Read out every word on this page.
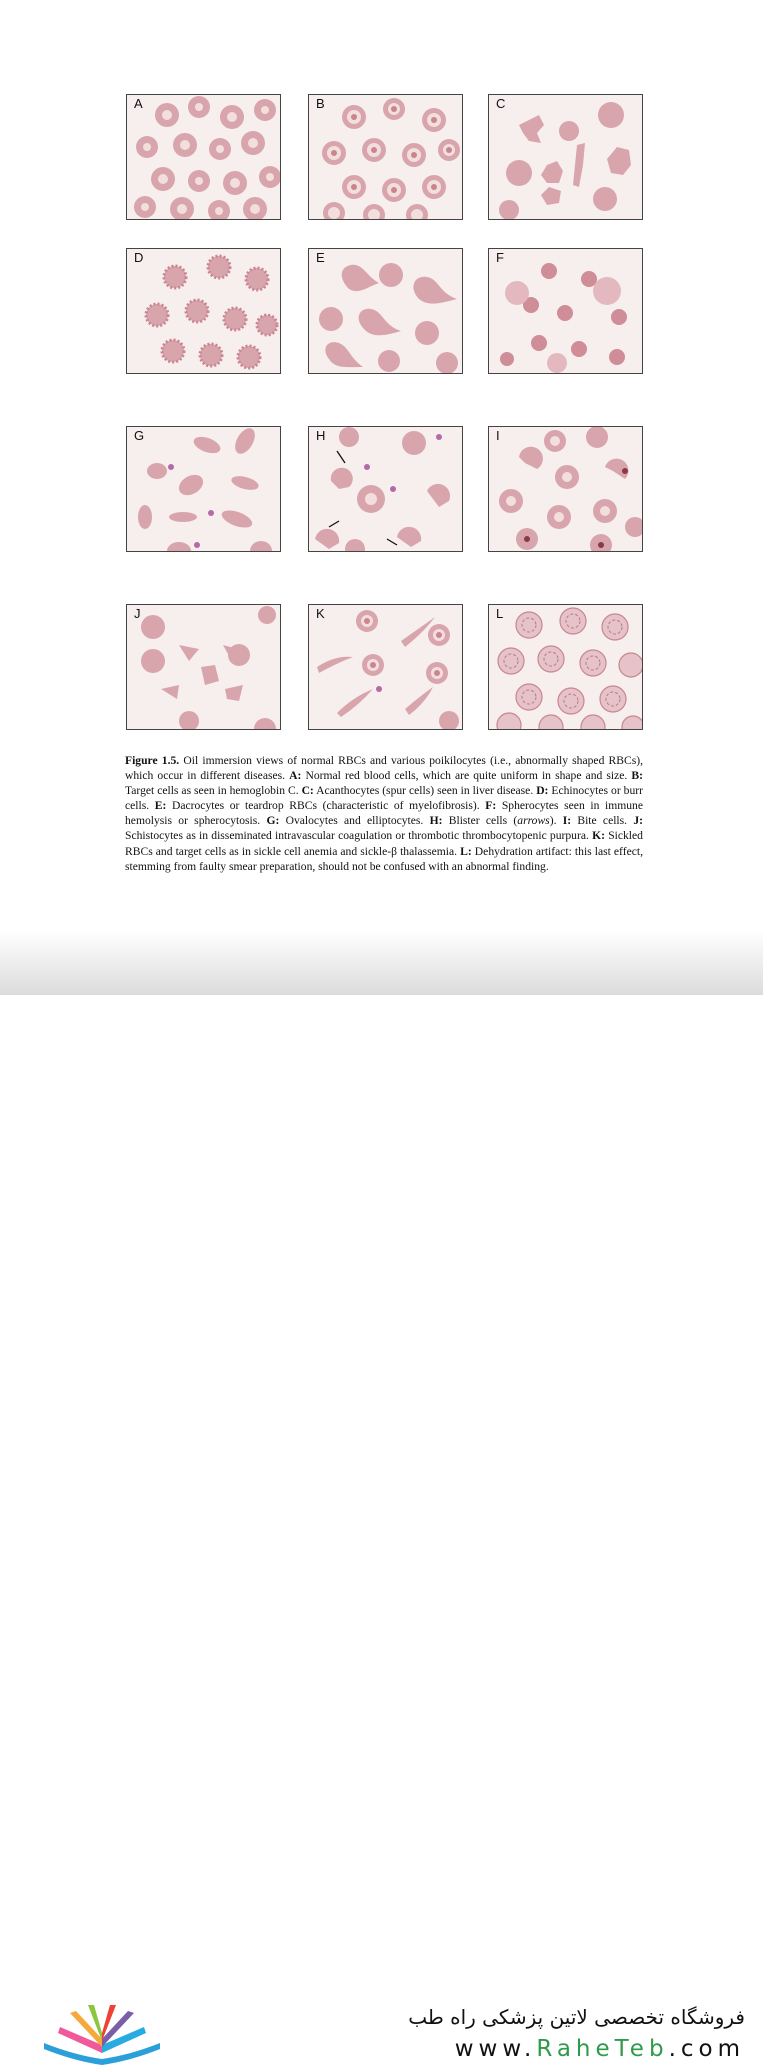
A	B	C
D	E	F
G	H	I
J	K	L
Figure 1.5. Oil immersion views of normal RBCs and various poikilocytes (i.e., abnormally shaped RBCs), which occur in different diseases. A: Normal red blood cells, which are quite uniform in shape and size. B: Target cells as seen in hemoglobin C. C: Acanthocytes (spur cells) seen in liver disease. D: Echinocytes or burr cells. E: Dacrocytes or teardrop RBCs (characteristic of myelofibrosis). F: Spherocytes seen in immune hemolysis or spherocytosis. G: Ovalocytes and elliptocytes. H: Blister cells (arrows). I: Bite cells. J: Schistocytes as in disseminated intravascular coagulation or thrombotic thrombocytopenic purpura. K: Sickled RBCs and target cells as in sickle cell anemia and sickle-β thalassemia. L: Dehydration artifact: this last effect, stemming from faulty smear preparation, should not be confused with an abnormal finding.
فروشگاه تخصصی لاتین پزشکی راه طب
www.RaheTeb.com
